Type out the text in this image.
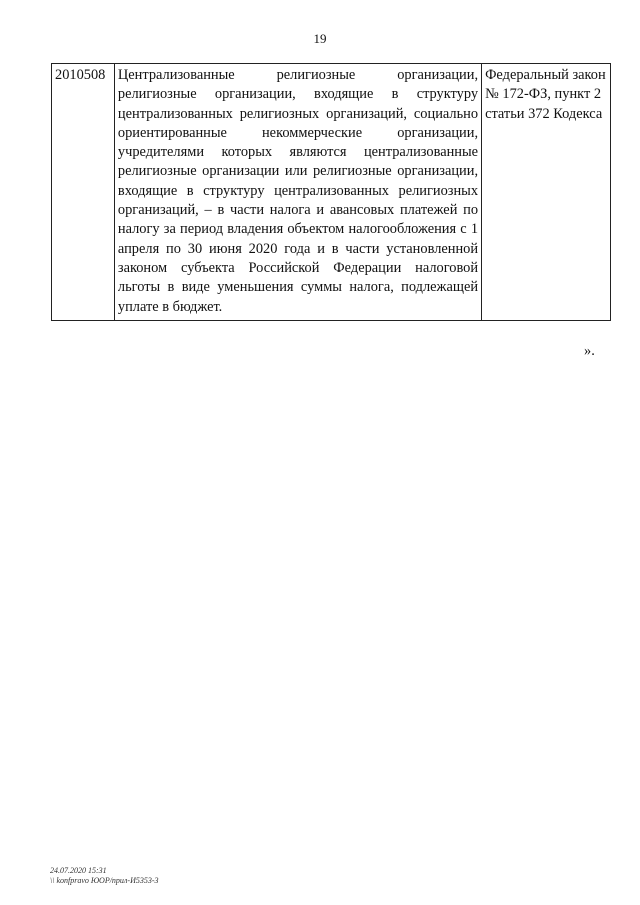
19
2010508	Централизованные религиозные организации, религиозные организации, входящие в структуру централизованных религиозных организаций, социально ориентированные некоммерческие организации, учредителями которых являются централизованные религиозные организации или религиозные организации, входящие в структуру централизованных религиозных организаций, – в части налога и авансовых платежей по налогу за период владения объектом налогообложения с 1 апреля по 30 июня 2020 года и в части установленной законом субъекта Российской Федерации налоговой льготы в виде уменьшения суммы налога, подлежащей уплате в бюджет.	Федеральный закон № 172-ФЗ, пункт 2 статьи 372 Кодекса
».
24.07.2020 15:31
\\ konfpravo ЮОР/прил-И5353-3
